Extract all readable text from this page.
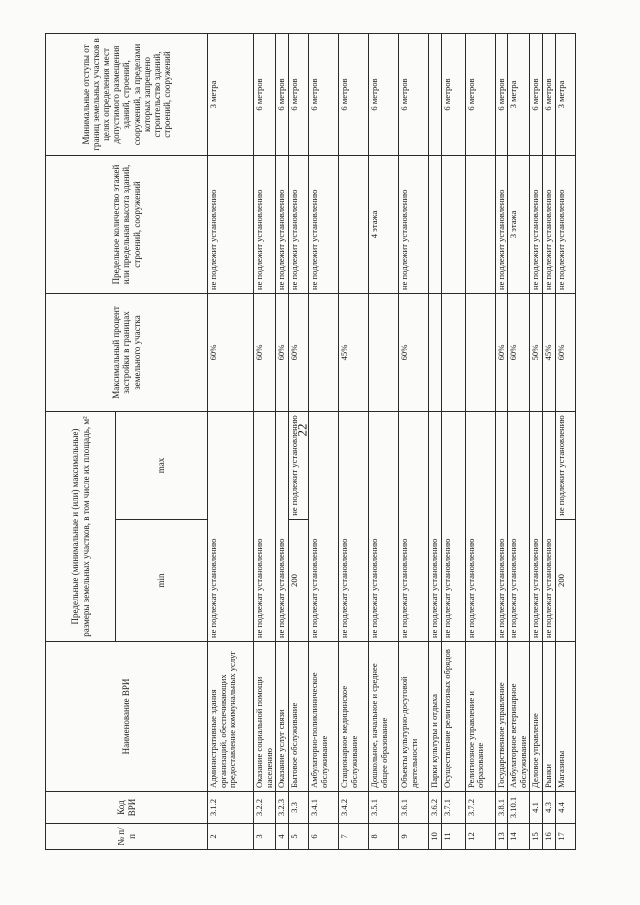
22
№ п/п	Код ВРИ	Наименование ВРИ	Предельные (минимальные и (или) максимальные) размеры земельных участков, в том числе их площадь, м²		Максимальный процент застройки в границах земельного участка	Предельное количество этажей или предельная высота зданий, строений, сооружений	Минимальные отступы от границ земельных участков в целях определения мест допустимого размещения зданий, строений, сооружений, за пределами которых запрещено строительство зданий, строений, сооружений
			min	max			
2	3.1.2	Административные здания организаций, обеспечивающих предоставление коммунальных услуг	не подлежат установлению		60%	не подлежит установлению	3 метра
3	3.2.2	Оказание социальной помощи населению	не подлежат установлению		60%	не подлежит установлению	6 метров
4	3.2.3	Оказание услуг связи	не подлежат установлению		60%	не подлежит установлению	6 метров
5	3.3	Бытовое обслуживание	200	не подлежит установлению	60%	не подлежит установлению	6 метров
6	3.4.1	Амбулаторно-поликлиническое обслуживание	не подлежат установлению			не подлежит установлению	6 метров
7	3.4.2	Стационарное медицинское обслуживание	не подлежат установлению		45%		6 метров
8	3.5.1	Дошкольное, начальное и среднее общее образование	не подлежат установлению			4 этажа	6 метров
9	3.6.1	Объекты культурно-досуговой деятельности	не подлежат установлению		60%	не подлежит установлению	6 метров
10	3.6.2	Парки культуры и отдыха	не подлежат установлению				
11	3.7.1	Осуществление религиозных обрядов	не подлежат установлению				6 метров
12	3.7.2	Религиозное управление и образование	не подлежат установлению				6 метров
13	3.8.1	Государственное управление	не подлежат установлению		60%	не подлежит установлению	6 метров
14	3.10.1	Амбулаторное ветеринарное обслуживание	не подлежат установлению		60%	3 этажа	3 метра
15	4.1	Деловое управление	не подлежат установлению		50%	не подлежит установлению	6 метров
16	4.3	Рынки	не подлежат установлению		45%	не подлежит установлению	6 метров
17	4.4	Магазины	200	не подлежит установлению	60%	не подлежит установлению	3 метра
